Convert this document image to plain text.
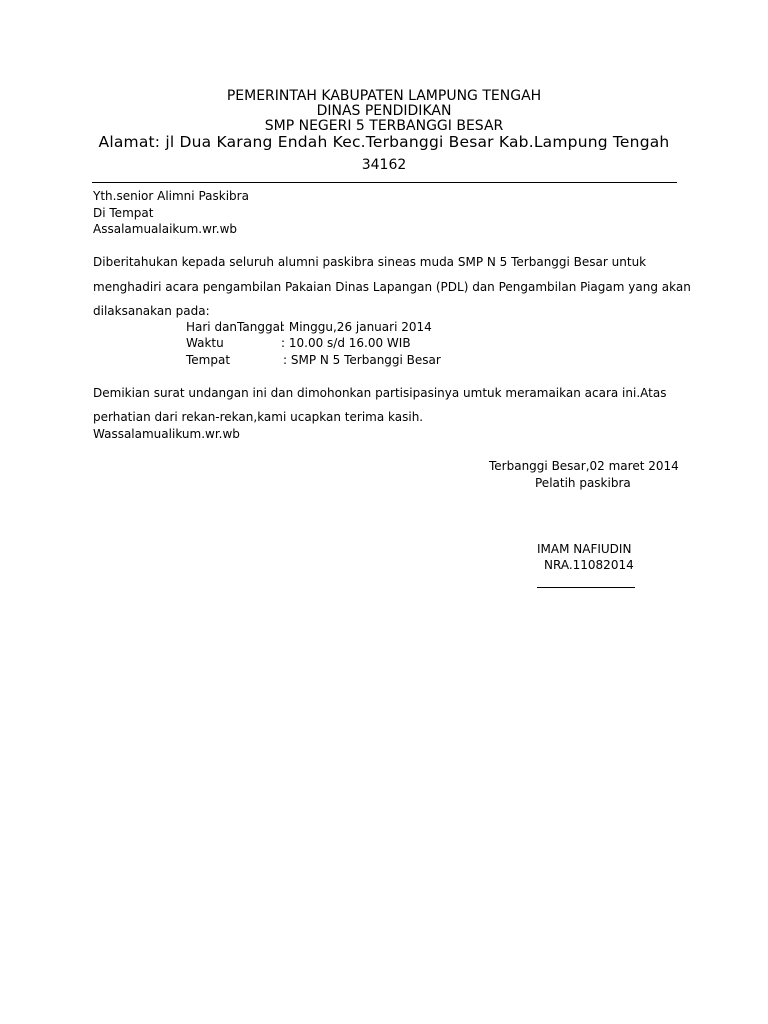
PEMERINTAH KABUPATEN LAMPUNG TENGAH
DINAS PENDIDIKAN
SMP NEGERI 5 TERBANGGI BESAR
Alamat: jl Dua Karang Endah Kec.Terbanggi Besar Kab.Lampung Tengah
34162
Yth.senior Alimni Paskibra
Di Tempat
Assalamualaikum.wr.wb
Diberitahukan kepada seluruh alumni paskibra sineas muda SMP N 5 Terbanggi Besar untuk
menghadiri acara pengambilan Pakaian Dinas Lapangan (PDL) dan Pengambilan Piagam yang akan
dilaksanakan pada:
Hari danTanggal
: Minggu,26 januari 2014
Waktu	: 10.00 s/d 16.00 WIB
Tempat	: SMP N 5 Terbanggi Besar
Demikian surat undangan ini dan dimohonkan partisipasinya umtuk meramaikan acara ini.Atas
perhatian dari rekan-rekan,kami ucapkan terima kasih.
Wassalamualikum.wr.wb
Terbanggi Besar,02 maret 2014
Pelatih paskibra
IMAM NAFIUDIN
NRA.11082014
